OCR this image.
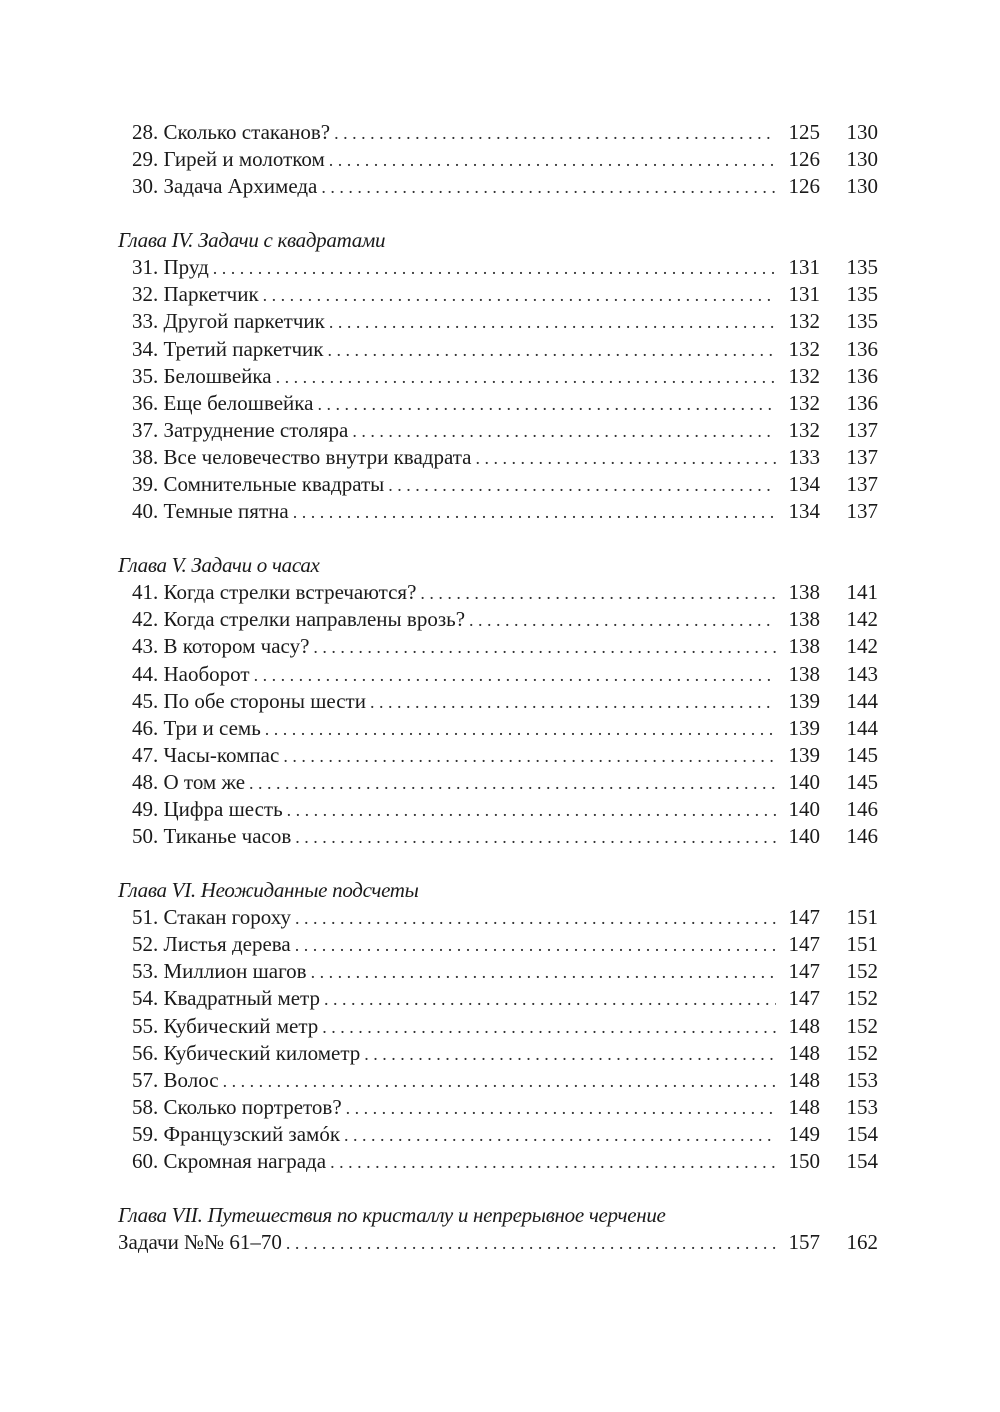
28. Сколько стаканов? . . .	125	130
29. Гирей и молотком . . .	126	130
30. Задача Архимеда . . .	126	130
Глава IV. Задачи с квадратами
31. Пруд . . .	131	135
32. Паркетчик . . .	131	135
33. Другой паркетчик . . .	132	135
34. Третий паркетчик . . .	132	136
35. Белошвейка . . .	132	136
36. Еще белошвейка . . .	132	136
37. Затруднение столяра . . .	132	137
38. Все человечество внутри квадрата . . .	133	137
39. Сомнительные квадраты . . .	134	137
40. Темные пятна . . .	134	137
Глава V. Задачи о часах
41. Когда стрелки встречаются? . . .	138	141
42. Когда стрелки направлены врозь? . . .	138	142
43. В котором часу? . . .	138	142
44. Наоборот . . .	138	143
45. По обе стороны шести . . .	139	144
46. Три и семь . . .	139	144
47. Часы-компас . . .	139	145
48. О том же . . .	140	145
49. Цифра шесть . . .	140	146
50. Тиканье часов . . .	140	146
Глава VI. Неожиданные подсчеты
51. Стакан гороху . . .	147	151
52. Листья дерева . . .	147	151
53. Миллион шагов . . .	147	152
54. Квадратный метр . . .	147	152
55. Кубический метр . . .	148	152
56. Кубический километр . . .	148	152
57. Волос . . .	148	153
58. Сколько портретов? . . .	148	153
59. Французский замóк . . .	149	154
60. Скромная награда . . .	150	154
Глава VII. Путешествия по кристаллу и непрерывное черчение
Задачи №№ 61–70 . . .	157	162
